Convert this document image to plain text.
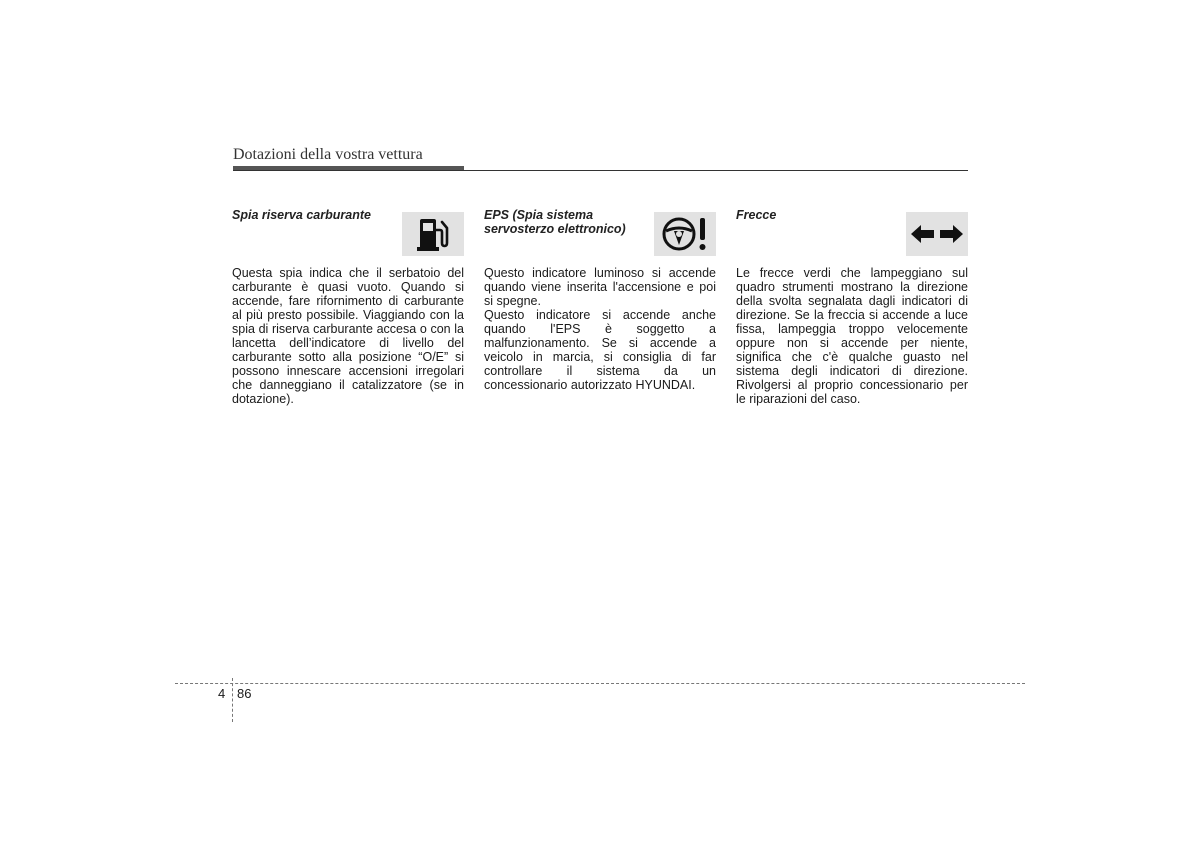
Dotazioni della vostra vettura
Spia riserva carburante

Questa spia indica che il serbatoio del carburante è quasi vuoto. Quando si accende, fare rifornimento di carburante al più presto possibile. Viaggiando con la spia di riserva carburante accesa o con la lancetta dell’indicatore di livello del carburante sotto alla posizione “O/E” si possono innescare accensioni irregolari che danneggiano il catalizzatore (se in dotazione).

EPS (Spia sistema servosterzo elettronico)

Questo indicatore luminoso si accende quando viene inserita l'accensione e poi si spegne.

Questo indicatore si accende anche quando l'EPS è soggetto a malfunzionamento. Se si accende a veicolo in marcia, si consiglia di far controllare il sistema da un concessionario autorizzato HYUNDAI.

Frecce

Le frecce verdi che lampeggiano sul quadro strumenti mostrano la direzione della svolta segnalata dagli indicatori di direzione. Se la freccia si accende a luce fissa, lampeggia troppo velocemente oppure non si accende per niente, significa che c'è qualche guasto nel sistema degli indicatori di direzione. Rivolgersi al proprio concessionario per le riparazioni del caso.

4 86
